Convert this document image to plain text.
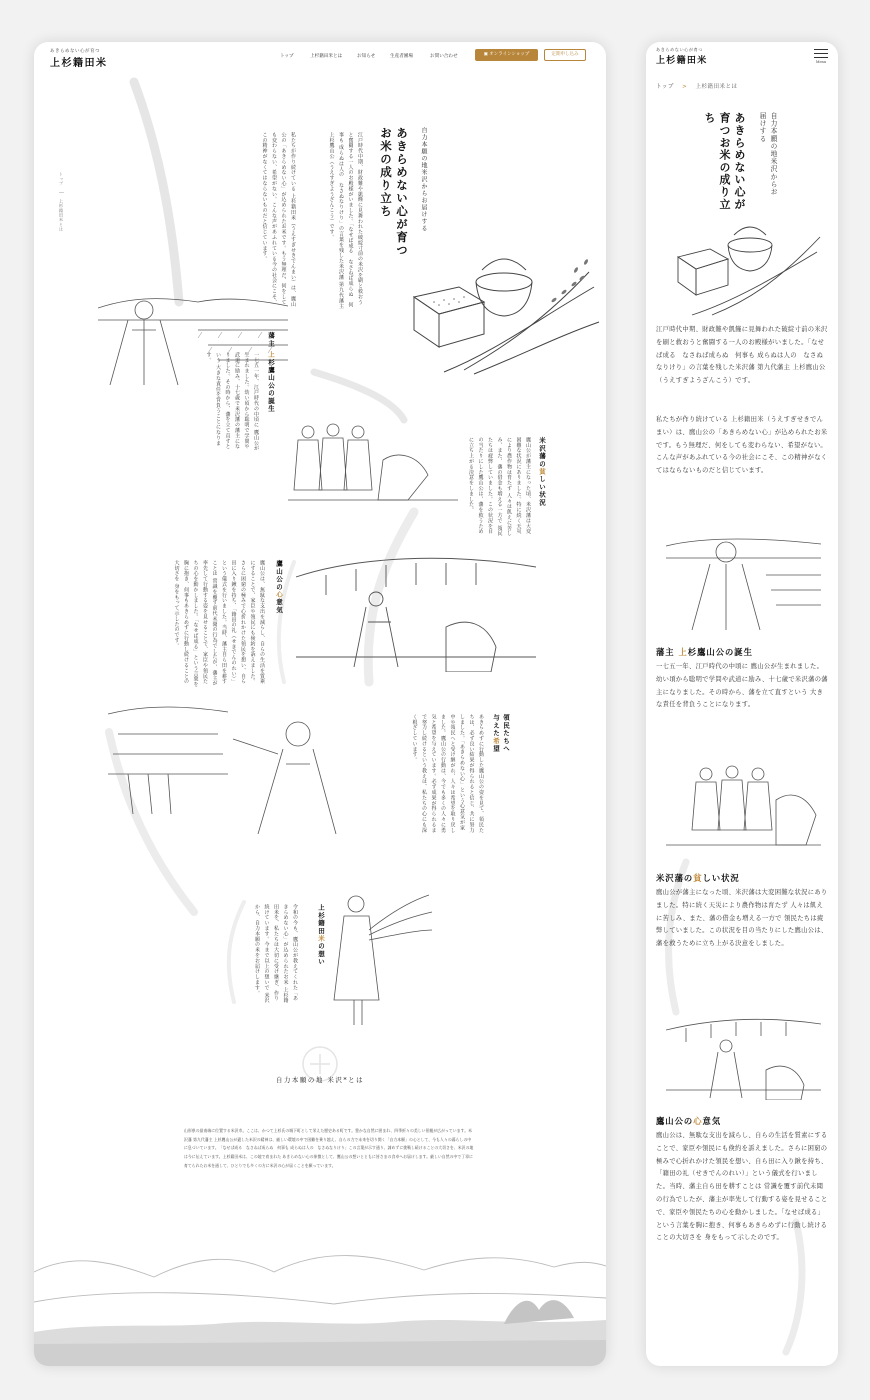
あきらめない心が育つ
上杉籍田米
トップ	上杉籍田米とは	お知らせ	生産者圃場	お問い合わせ	▣ オンラインショップ	定期申し込み
トップ │ 上杉籍田米とは
自力本願の地米沢からお届けする
あきらめない心が育つ
お米の成り立ち
江戸時代中期、財政難や凱饉に見舞われた破綻寸前の米沢を刷と救おうと奮闘する一人のお殿様がいました。「なせば成る　なさねば成らぬ　何事も 成らぬは人の　なさぬなりけり」の言葉を残した米沢藩 第九代藩主 上杉鷹山公（うえすぎようざんこう）です。
私たちが作り続けている 上杉籍田米（うえすぎせきでんまい）は、鷹山公の「あきらめない心」が込められたお米です。もう無理だ、何をしても変わらない、希望がない。こんな声があふれている今の社会にこそ、この精神がなくてはならないものだと信じています。
藩主 上杉鷹山公の誕生
一七五一年、江戸時代の中頃に 鷹山公が生まれました。幼い頃から聡明で学問や武道に励み、十七歳で米沢藩の藩主になりました。その時から、藩を立て直すという 大きな責任を背負うことになります。
米沢藩の貧しい状況
鷹山公が藩主になった頃、米沢藩は大変困難な状況にありました。特に続く天災により農作物は育たず 人々は飢えに苦しみ、また、藩の借金も増える一方で 領民たちは疲弊していました。この状況を目の当たりにした鷹山公は、藩を救うために立ち上がる決意をしました。
鷹山公の心意気
鷹山公は、無駄な支出を減らし、自らの生活を質素にすることで、家臣や領民にも倹約を訴えました。さらに困窮の極みで心折れかけた領民を想い、自ら田に入り鍬を持ち、「籍田の礼（せきでんのれい）」という儀式を行いました。当時、藩主自ら田を耕すことは 常識を覆す前代未聞の行為でしたが、藩主が率先して行動する姿を見せることで、家臣や領民たちの心を動かしました。「なせば成る」という言葉を胸に抱き、何事もあきらめずに行動し続けることの大切さを 身をもって示したのです。
領民たちへ
与えた希望
あきらめずに行動した鷹山公の姿を見て、領民たちは、必ず良い結果が得られると信じ、共に努力しました。「あきらめない心」という心意気が家中や領民へと受け継がれ、人々は希望を取り戻しました。鷹山公の行動は、今でも多くの人々に勇気と希望を与えています。必ず成果が得られるまで努力し続けるという教えは、私たちの心にも深く根ざしています。
上杉籍田米の想い
令和の今も、鷹山公が教えてくれた「あきらめない心」が込められたお米 上杉籍田米を、私たちは大切に受け継ぎ、作り続けています。今まで以上の想いで 米沢から、自力本願の米をお届けします。
自力本願の地 米沢*とは
山形県の最南端に位置する米沢市。ここは、かつて上杉氏の城下町として栄えた歴史ある町です。豊かな自然に囲まれ、四季折々の美しい景観が広がっています。米沢藩 第九代藩主 上杉鷹山公が遺した米沢の精神は、厳しい環境の中で困難を乗り越え、自らの力で未来を切り開く「自力本願」の心として、今も人々の暮らしの中に息づいています。「なせば成る　なさねば成らぬ　何事も 成らぬは人の　なさぬなりけり」この言葉が示す通り、諦めずに挑戦し続けることの大切さを、米沢の地は今に伝えています。上杉籍田米は、この地で育まれた あきらめない心の象徴として、鷹山公の想いとともに皆さまの食卓へお届けします。厳しい自然の中で丁寧に育てられたお米を通して、ひとりでも多くの方に米沢の心が届くことを願っています。
あきらめない心が育つ
上杉籍田米	Menu
トップ > 上杉籍田米とは
自力本願の地米沢からお届けする
あきらめない心が育つお米の成り立ち
江戸時代中期、財政難や凱饉に見舞われた破綻寸前の米沢を刷と救おうと奮闘する一人のお殿様がいました。「なせば成る　なさねば成らぬ　何事も 成らぬは人の　なさぬなりけり」の言葉を残した米沢藩 第九代藩主 上杉鷹山公（うえすぎようざんこう）です。
私たちが作り続けている 上杉籍田米（うえすぎせきでんまい）は、鷹山公の「あきらめない心」が込められたお米です。もう無理だ、何をしても変わらない、希望がない。こんな声があふれている今の社会にこそ、この精神がなくてはならないものだと信じています。
藩主 上杉鷹山公の誕生
一七五一年、江戸時代の中頃に 鷹山公が生まれました。幼い頃から聡明で学問や武道に励み、十七歳で米沢藩の藩主になりました。その時から、藩を立て直すという 大きな責任を背負うことになります。
米沢藩の貧しい状況
鷹山公が藩主になった頃、米沢藩は大変困難な状況にありました。特に続く天災により農作物は育たず 人々は飢えに苦しみ、また、藩の借金も増える一方で 領民たちは疲弊していました。この状況を目の当たりにした鷹山公は、藩を救うために立ち上がる決意をしました。
鷹山公の心意気
鷹山公は、無駄な支出を減らし、自らの生活を質素にすることで、家臣や領民にも倹約を訴えました。さらに困窮の極みで心折れかけた領民を想い、自ら田に入り鍬を持ち、「籍田の礼（せきでんのれい）」という儀式を行いました。当時、藩主自ら田を耕すことは 常識を覆す前代未聞の行為でしたが、藩主が率先して行動する姿を見せることで、家臣や領民たちの心を動かしました。「なせば成る」という言葉を胸に抱き、何事もあきらめずに行動し続けることの大切さを 身をもって示したのです。
